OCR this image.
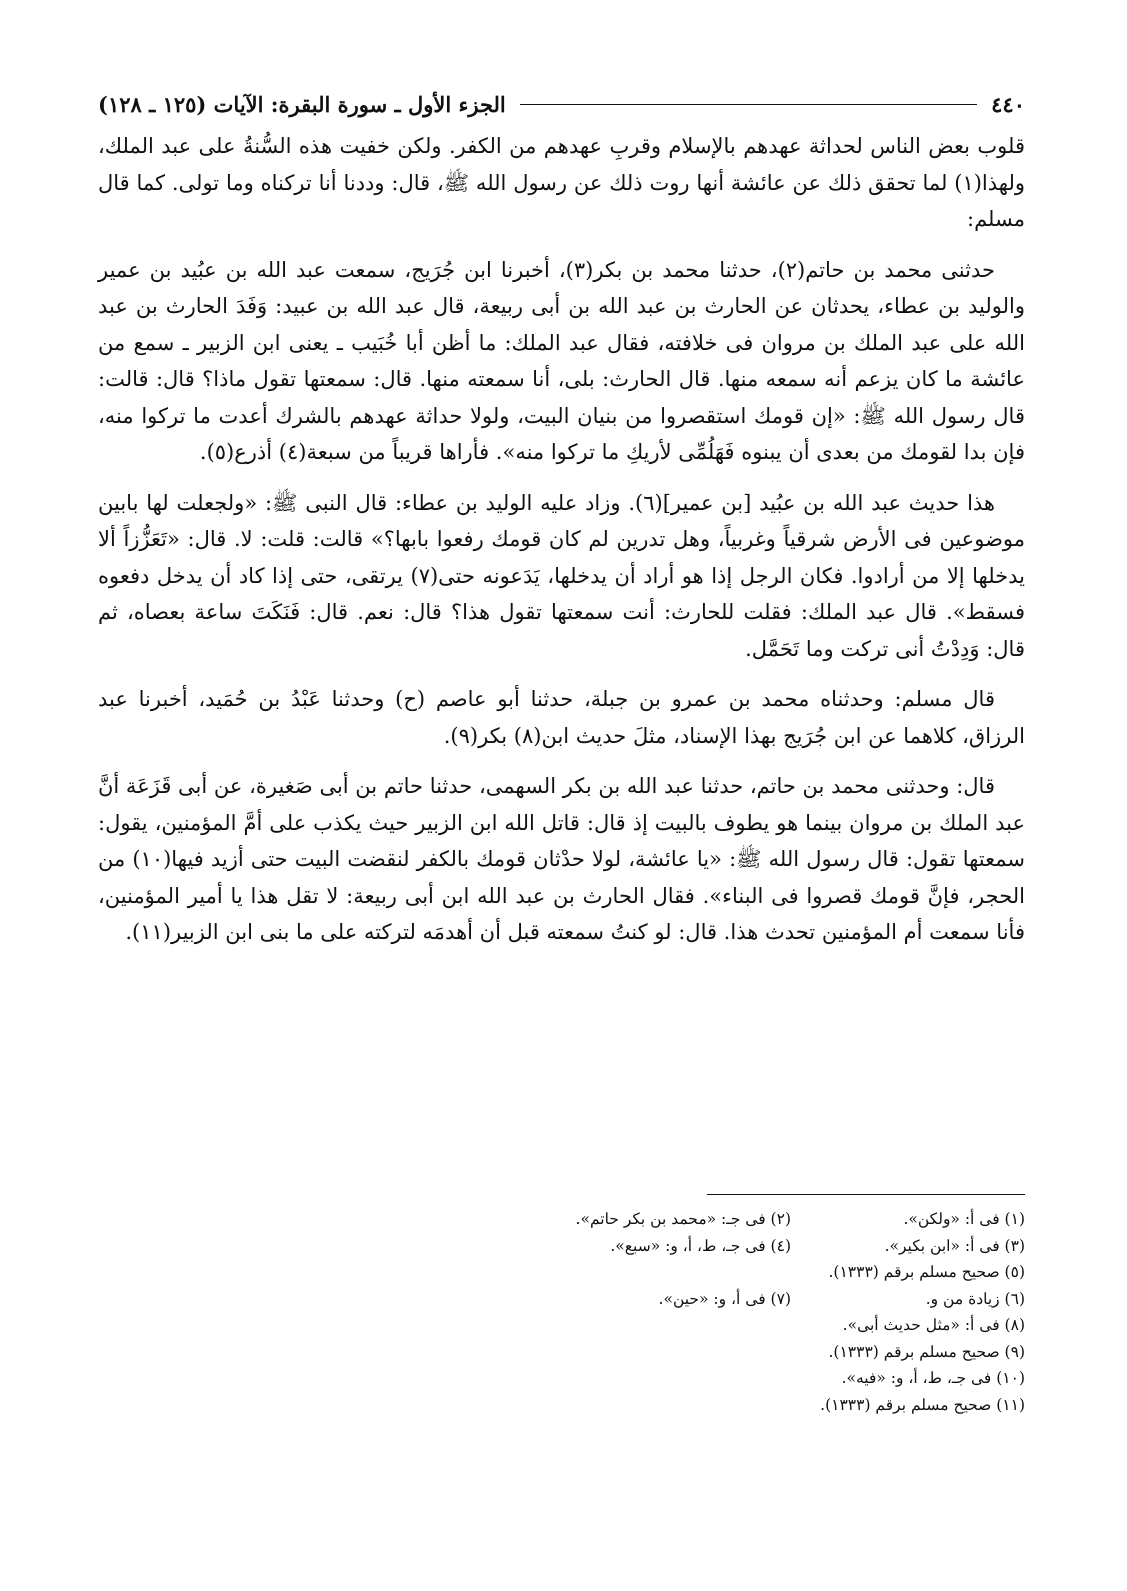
٤٤٠
الجزء الأول ـ سورة البقرة: الآيات (١٢٥ ـ ١٢٨)

قلوب بعض الناس لحداثة عهدهم بالإسلام وقربِ عهدهم من الكفر. ولكن خفيت هذه السُّنةُ على عبد الملك، ولهذا(١) لما تحقق ذلك عن عائشة أنها روت ذلك عن رسول الله ﷺ، قال: وددنا أنا تركناه وما تولى. كما قال مسلم:

حدثنى محمد بن حاتم(٢)، حدثنا محمد بن بكر(٣)، أخبرنا ابن جُرَيج، سمعت عبد الله بن عبُيد بن عمير والوليد بن عطاء، يحدثان عن الحارث بن عبد الله بن أبى ربيعة، قال عبد الله بن عبيد: وَفَدَ الحارث بن عبد الله على عبد الملك بن مروان فى خلافته، فقال عبد الملك: ما أظن أبا خُبَيب ـ يعنى ابن الزبير ـ سمع من عائشة ما كان يزعم أنه سمعه منها. قال الحارث: بلى، أنا سمعته منها. قال: سمعتها تقول ماذا؟ قال: قالت: قال رسول الله ﷺ: «إن قومك استقصروا من بنيان البيت، ولولا حداثة عهدهم بالشرك أعدت ما تركوا منه، فإن بدا لقومك من بعدى أن يبنوه فَهَلُمِّى لأريكِ ما تركوا منه». فأراها قريباً من سبعة(٤) أذرع(٥).

هذا حديث عبد الله بن عبُيد [بن عمير](٦). وزاد عليه الوليد بن عطاء: قال النبى ﷺ: «ولجعلت لها بابين موضوعين فى الأرض شرقياً وغربياً، وهل تدرين لم كان قومك رفعوا بابها؟» قالت: قلت: لا. قال: «تَعَزُّزاً ألا يدخلها إلا من أرادوا. فكان الرجل إذا هو أراد أن يدخلها، يَدَعونه حتى(٧) يرتقى، حتى إذا كاد أن يدخل دفعوه فسقط». قال عبد الملك: فقلت للحارث: أنت سمعتها تقول هذا؟ قال: نعم. قال: فَنَكَتَ ساعة بعصاه، ثم قال: وَدِدْتُ أنى تركت وما تَحَمَّل.

قال مسلم: وحدثناه محمد بن عمرو بن جبلة، حدثنا أبو عاصم (ح) وحدثنا عَبْدُ بن حُمَيد، أخبرنا عبد الرزاق، كلاهما عن ابن جُرَيج بهذا الإسناد، مثلَ حديث ابن(٨) بكر(٩).

قال: وحدثنى محمد بن حاتم، حدثنا عبد الله بن بكر السهمى، حدثنا حاتم بن أبى صَغيرة، عن أبى قَزَعَة أنَّ عبد الملك بن مروان بينما هو يطوف بالبيت إذ قال: قاتل الله ابن الزبير حيث يكذب على أمَّ المؤمنين، يقول: سمعتها تقول: قال رسول الله ﷺ: «يا عائشة، لولا حدْثان قومك بالكفر لنقضت البيت حتى أزيد فيها(١٠) من الحجر، فإنَّ قومك قصروا فى البناء». فقال الحارث بن عبد الله ابن أبى ربيعة: لا تقل هذا يا أمير المؤمنين، فأنا سمعت أم المؤمنين تحدث هذا. قال: لو كنتُ سمعته قبل أن أهدمَه لتركته على ما بنى ابن الزبير(١١).

(١) فى أ: «ولكن».
(٢) فى جـ: «محمد بن بكر حاتم».
(٣) فى أ: «ابن بكير».
(٤) فى جـ، ط، أ، و: «سبع».
(٥) صحيح مسلم برقم (١٣٣٣).
(٦) زيادة من و.
(٧) فى أ، و: «حين».
(٨) فى أ: «مثل حديث أبى».
(٩) صحيح مسلم برقم (١٣٣٣).
(١٠) فى جـ، ط، أ، و: «فيه».
(١١) صحيح مسلم برقم (١٣٣٣).
